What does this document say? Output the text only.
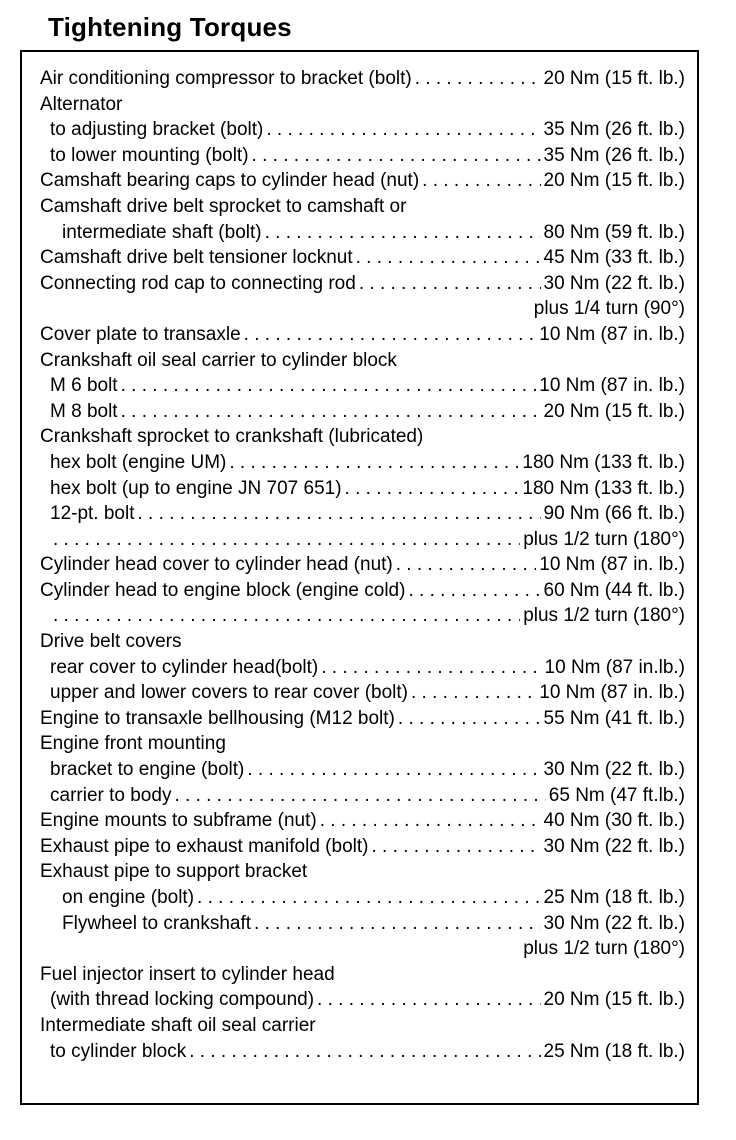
Tightening Torques
Air conditioning compressor to bracket (bolt) . . .	20 Nm (15 ft. lb.)
Alternator
to adjusting bracket (bolt) . . .	35 Nm (26 ft. lb.)
to lower mounting (bolt) . . .	35 Nm (26 ft. lb.)
Camshaft bearing caps to cylinder head (nut) . . .	20 Nm (15 ft. lb.)
Camshaft drive belt sprocket to camshaft or
intermediate shaft (bolt) . . .	80 Nm (59 ft. lb.)
Camshaft drive belt tensioner locknut . . .	45 Nm (33 ft. lb.)
Connecting rod cap to connecting rod . . .	30 Nm (22 ft. lb.)
plus 1/4 turn (90°)
Cover plate to transaxle . . .	10 Nm (87 in. lb.)
Crankshaft oil seal carrier to cylinder block
M 6 bolt . . .	10 Nm (87 in. lb.)
M 8 bolt . . .	20 Nm (15 ft. lb.)
Crankshaft sprocket to crankshaft (lubricated)
hex bolt (engine UM) . . .	180 Nm (133 ft. lb.)
hex bolt (up to engine JN 707 651) . . .	180 Nm (133 ft. lb.)
12-pt. bolt . . .	90 Nm (66 ft. lb.)
. . .
plus 1/2 turn (180°)
Cylinder head cover to cylinder head (nut) . . .	10 Nm (87 in. lb.)
Cylinder head to engine block (engine cold) . . .	60 Nm (44 ft. lb.)
. . .
plus 1/2 turn (180°)
Drive belt covers
rear cover to cylinder head(bolt) . . .	10 Nm (87 in.lb.)
upper and lower covers to rear cover (bolt) . . .	10 Nm (87 in. lb.)
Engine to transaxle bellhousing (M12 bolt) . . .	55 Nm (41 ft. lb.)
Engine front mounting
bracket to engine (bolt) . . .	30 Nm (22 ft. lb.)
carrier to body . . .	65 Nm (47 ft.lb.)
Engine mounts to subframe (nut) . . .	40 Nm (30 ft. lb.)
Exhaust pipe to exhaust manifold (bolt) . . .	30 Nm (22 ft. lb.)
Exhaust pipe to support bracket
on engine (bolt) . . .	25 Nm (18 ft. lb.)
Flywheel to crankshaft . . .	30 Nm (22 ft. lb.)
plus 1/2 turn (180°)
Fuel injector insert to cylinder head
(with thread locking compound) . . .	20 Nm (15 ft. lb.)
Intermediate shaft oil seal carrier
to cylinder block . . .	25 Nm (18 ft. lb.)
